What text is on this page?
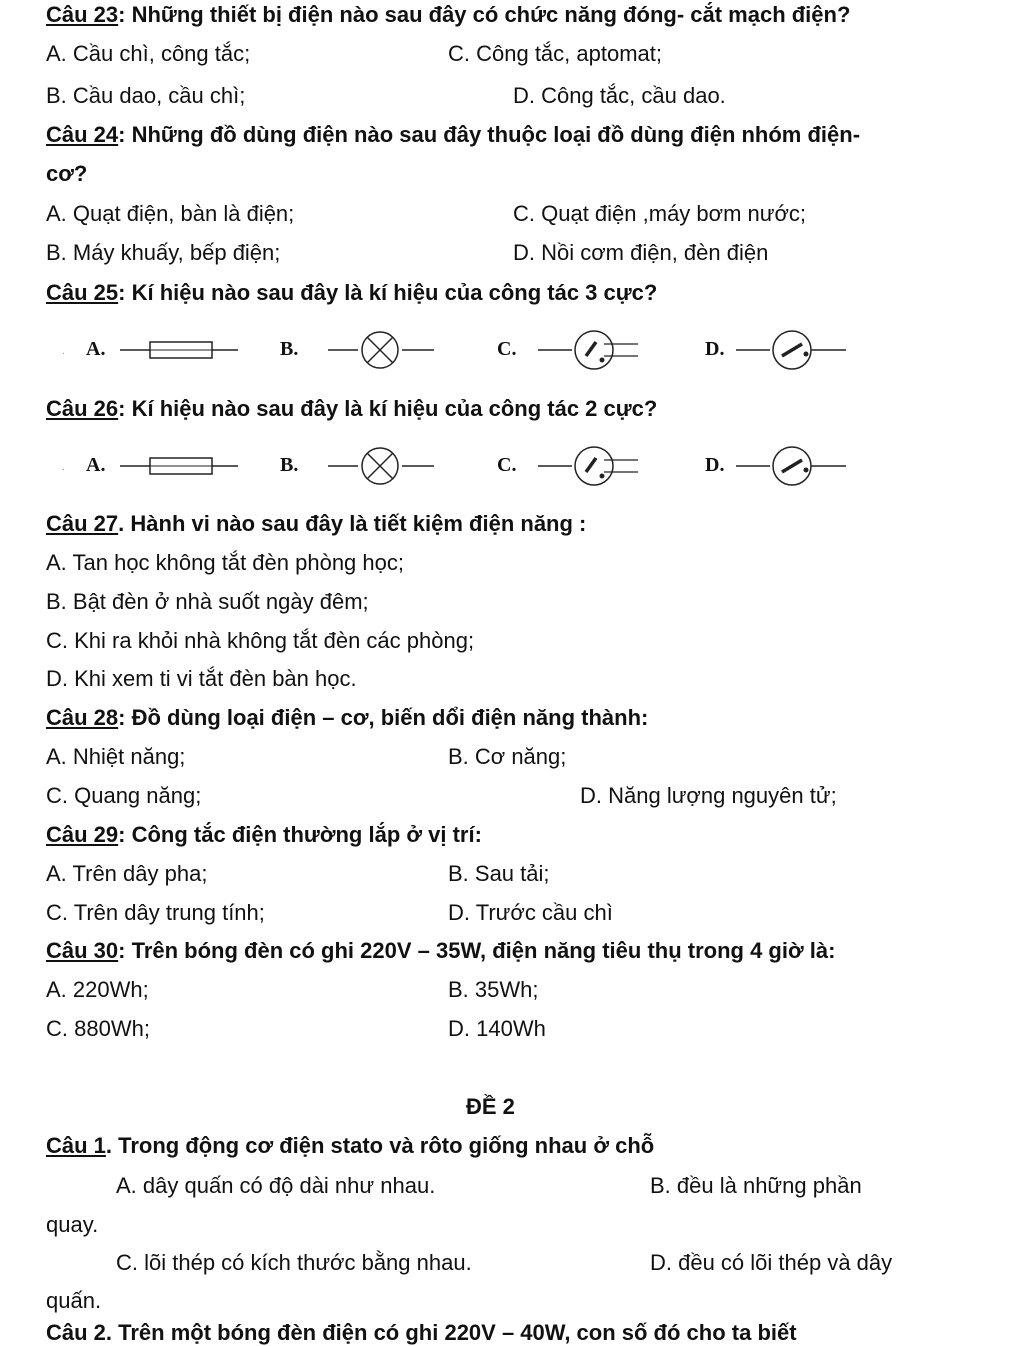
Câu 23: Những thiết bị điện nào sau đây có chức năng đóng- cắt mạch điện?
A. Cầu chì, công tắc;	C. Công tắc, aptomat;
B. Cầu dao, cầu chì;	D. Công tắc, cầu dao.
Câu 24: Những đồ dùng điện nào sau đây thuộc loại đồ dùng điện nhóm điện-
cơ?
A. Quạt điện, bàn là điện;	C. Quạt điện ,máy bơm nước;
B. Máy khuấy, bếp điện;	D. Nồi cơm điện, đèn điện
Câu 25: Kí hiệu nào sau đây là kí hiệu của công tác 3 cực?
. A.	B.	C.	D.
Câu 26: Kí hiệu nào sau đây là kí hiệu của công tác 2 cực?
. A.	B.	C.	D.
Câu 27. Hành vi nào sau đây là tiết kiệm điện năng :
A. Tan học không tắt đèn phòng học;
B. Bật đèn ở nhà suốt ngày đêm;
C. Khi ra khỏi nhà không tắt đèn các phòng;
D. Khi xem ti vi tắt đèn bàn học.
Câu 28: Đồ dùng loại điện – cơ, biến dổi điện năng thành:
A. Nhiệt năng;	B. Cơ năng;
C. Quang năng;	D. Năng lượng nguyên tử;
Câu 29: Công tắc điện thường lắp ở vị trí:
A. Trên dây pha;	B. Sau tải;
C. Trên dây trung tính;	D. Trước cầu chì
Câu 30: Trên bóng đèn có ghi 220V – 35W, điện năng tiêu thụ trong 4 giờ là:
A. 220Wh;	B. 35Wh;
C. 880Wh;	D. 140Wh
ĐỀ 2
Câu 1. Trong động cơ điện stato và rôto giống nhau ở chỗ
A. dây quấn có độ dài như nhau.	B. đều là những phần
quay.
C. lõi thép có kích thước bằng nhau.	D. đều có lõi thép và dây
quấn.
Câu 2. Trên một bóng đèn điện có ghi 220V – 40W, con số đó cho ta biết
